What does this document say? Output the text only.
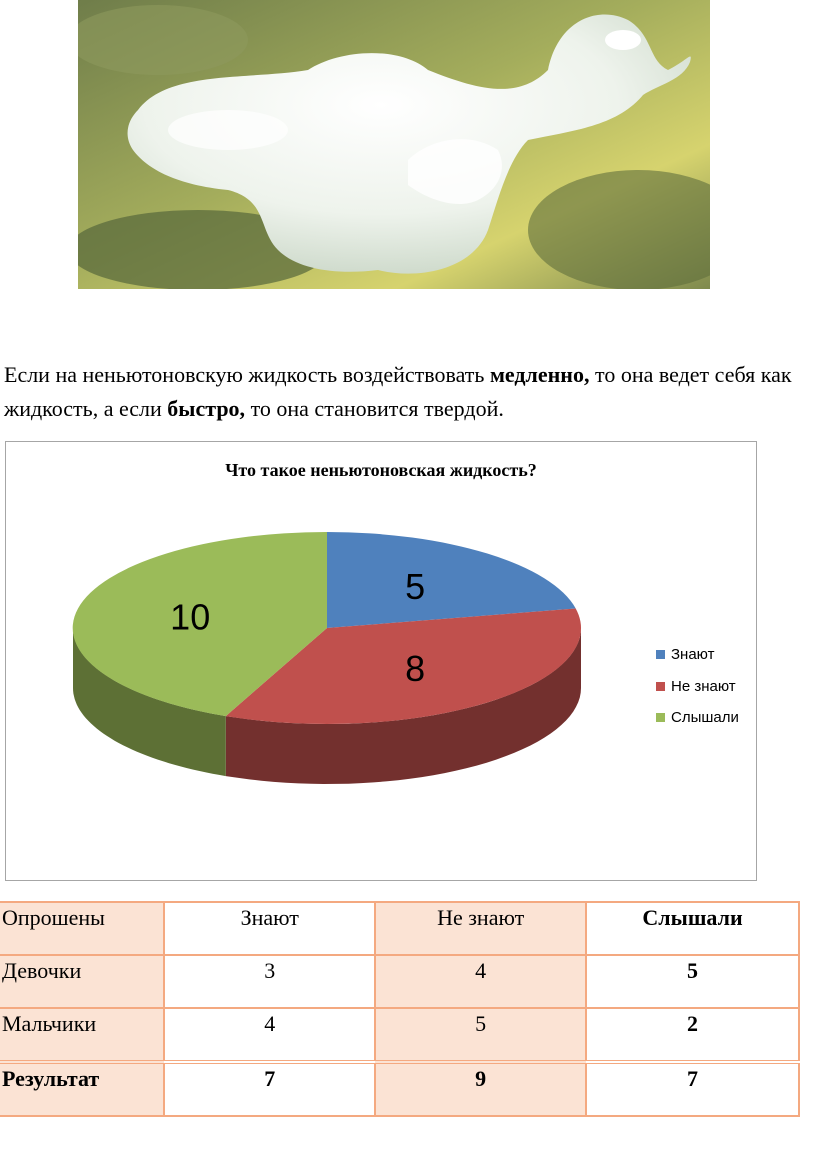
Если на неньютоновскую жидкость воздействовать медленно, то она ведет себя как жидкость, а если быстро, то она становится твердой.
Что такое неньютоновская жидкость?
5
8
10
Знают
Не знают
Слышали
Опрошены	Знают	Не знают	Слышали
Девочки	3	4	5
Мальчики	4	5	2
Результат	7	9	7
